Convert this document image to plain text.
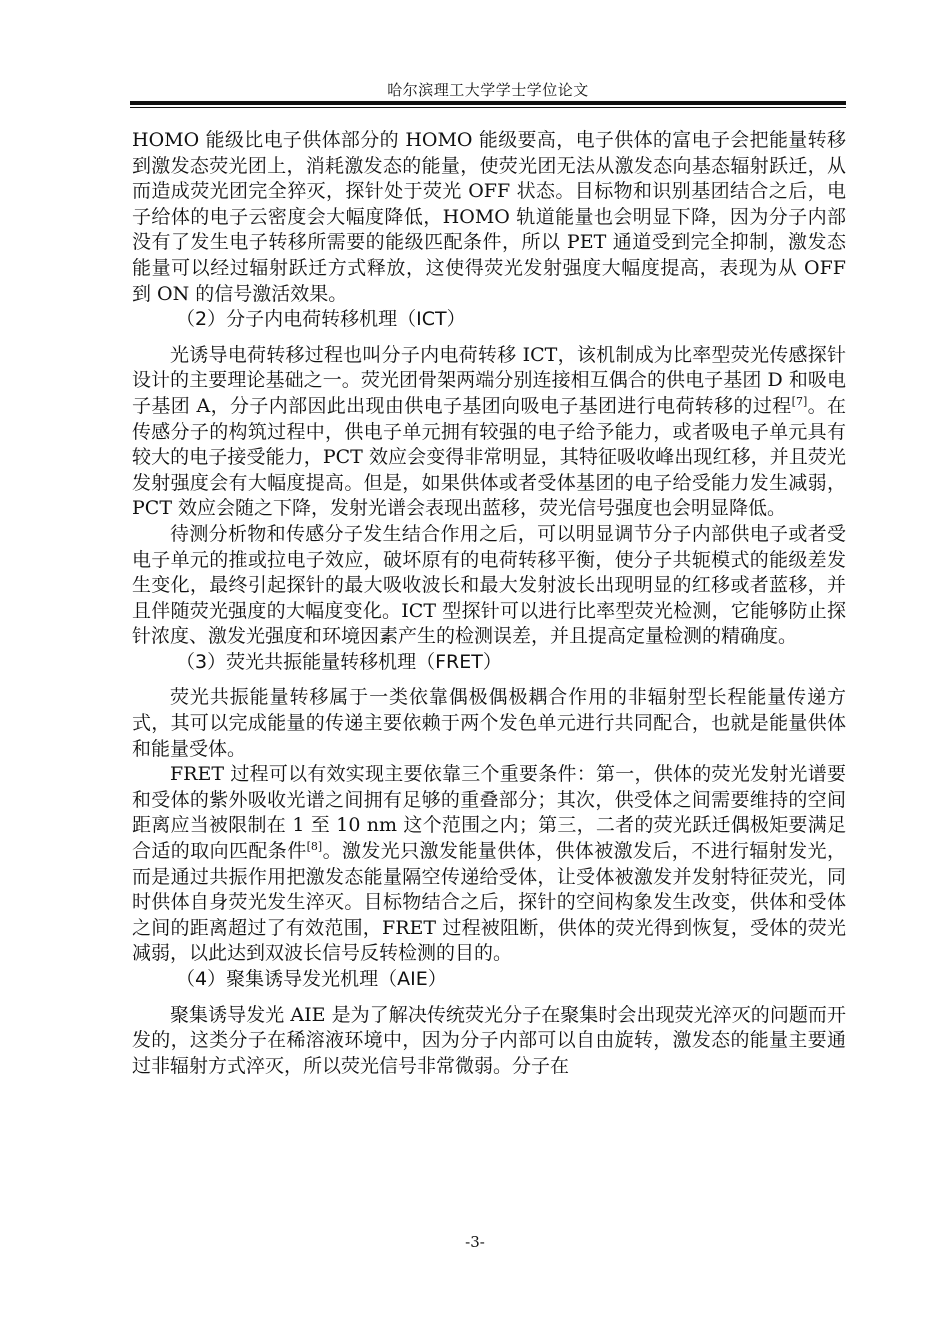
哈尔滨理工大学学士学位论文

HOMO 能级比电子供体部分的 HOMO 能级要高，电子供体的富电子会把能量转移到激发态荧光团上，消耗激发态的能量，使荧光团无法从激发态向基态辐射跃迁，从而造成荧光团完全猝灭，探针处于荧光 OFF 状态。目标物和识别基团结合之后，电子给体的电子云密度会大幅度降低，HOMO 轨道能量也会明显下降，因为分子内部没有了发生电子转移所需要的能级匹配条件，所以 PET 通道受到完全抑制，激发态能量可以经过辐射跃迁方式释放，这使得荧光发射强度大幅度提高，表现为从 OFF 到 ON 的信号激活效果。

（2）分子内电荷转移机理（ICT）

光诱导电荷转移过程也叫分子内电荷转移 ICT，该机制成为比率型荧光传感探针设计的主要理论基础之一。荧光团骨架两端分别连接相互偶合的供电子基团 D 和吸电子基团 A，分子内部因此出现由供电子基团向吸电子基团进行电荷转移的过程[7]。在传感分子的构筑过程中，供电子单元拥有较强的电子给予能力，或者吸电子单元具有较大的电子接受能力，PCT 效应会变得非常明显，其特征吸收峰出现红移，并且荧光发射强度会有大幅度提高。但是，如果供体或者受体基团的电子给受能力发生减弱，PCT 效应会随之下降，发射光谱会表现出蓝移，荧光信号强度也会明显降低。

待测分析物和传感分子发生结合作用之后，可以明显调节分子内部供电子或者受电子单元的推或拉电子效应，破坏原有的电荷转移平衡，使分子共轭模式的能级差发生变化，最终引起探针的最大吸收波长和最大发射波长出现明显的红移或者蓝移，并且伴随荧光强度的大幅度变化。ICT 型探针可以进行比率型荧光检测，它能够防止探针浓度、激发光强度和环境因素产生的检测误差，并且提高定量检测的精确度。

（3）荧光共振能量转移机理（FRET）

荧光共振能量转移属于一类依靠偶极偶极耦合作用的非辐射型长程能量传递方式，其可以完成能量的传递主要依赖于两个发色单元进行共同配合，也就是能量供体和能量受体。

FRET 过程可以有效实现主要依靠三个重要条件：第一，供体的荧光发射光谱要和受体的紫外吸收光谱之间拥有足够的重叠部分；其次，供受体之间需要维持的空间距离应当被限制在 1 至 10 nm 这个范围之内；第三，二者的荧光跃迁偶极矩要满足合适的取向匹配条件[8]。激发光只激发能量供体，供体被激发后，不进行辐射发光，而是通过共振作用把激发态能量隔空传递给受体，让受体被激发并发射特征荧光，同时供体自身荧光发生淬灭。目标物结合之后，探针的空间构象发生改变，供体和受体之间的距离超过了有效范围，FRET 过程被阻断，供体的荧光得到恢复，受体的荧光减弱，以此达到双波长信号反转检测的目的。

（4）聚集诱导发光机理（AIE）

聚集诱导发光 AIE 是为了解决传统荧光分子在聚集时会出现荧光淬灭的问题而开发的，这类分子在稀溶液环境中，因为分子内部可以自由旋转，激发态的能量主要通过非辐射方式淬灭，所以荧光信号非常微弱。分子在

-3-
